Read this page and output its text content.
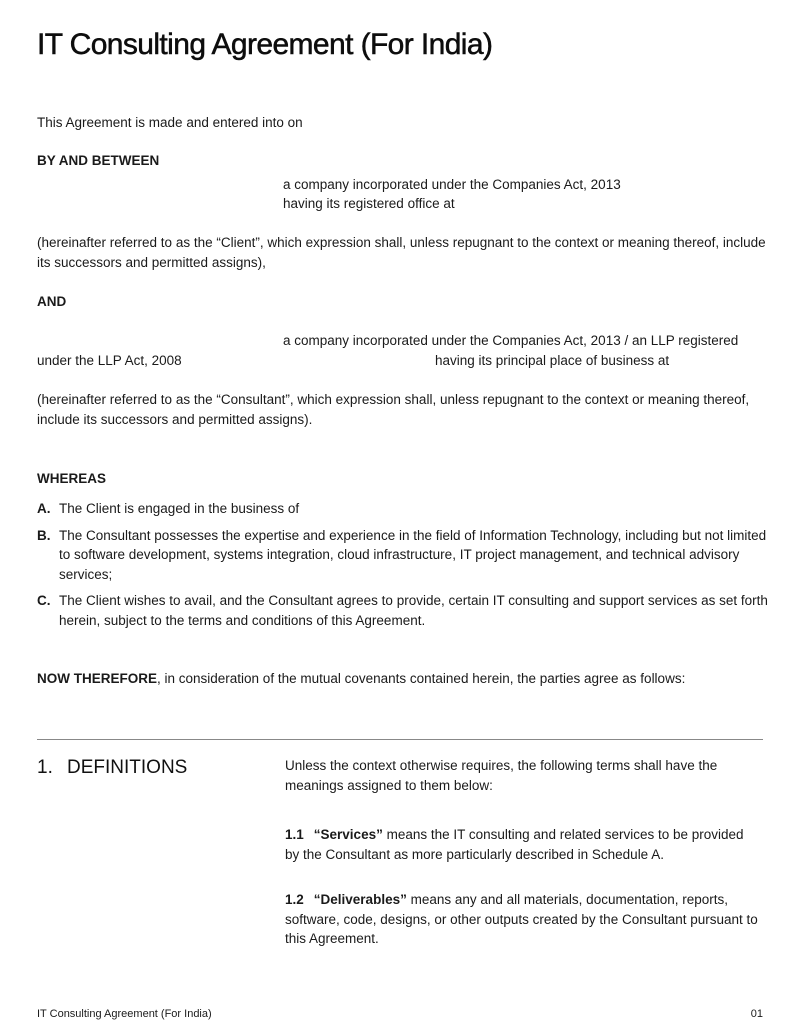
IT Consulting Agreement (For India)

This Agreement is made and entered into on

BY AND BETWEEN

a company incorporated under the Companies Act, 2013

having its registered office at

(hereinafter referred to as the “Client”, which expression shall, unless repugnant to the context or meaning thereof, include its successors and permitted assigns),

AND

a company incorporated under the Companies Act, 2013 / an LLP registered

under the LLP Act, 2008	having its principal place of business at

(hereinafter referred to as the “Consultant”, which expression shall, unless repugnant to the context or meaning thereof, include its successors and permitted assigns).

WHEREAS

A. The Client is engaged in the business of
B. The Consultant possesses the expertise and experience in the field of Information Technology, including but not limited to software development, systems integration, cloud infrastructure, IT project management, and technical advisory services;
C. The Client wishes to avail, and the Consultant agrees to provide, certain IT consulting and support services as set forth herein, subject to the terms and conditions of this Agreement.

NOW THEREFORE, in consideration of the mutual covenants contained herein, the parties agree as follows:

1. DEFINITIONS	Unless the context otherwise requires, the following terms shall have the meanings assigned to them below:

1.1 “Services” means the IT consulting and related services to be provided by the Consultant as more particularly described in Schedule A.

1.2 “Deliverables” means any and all materials, documentation, reports, software, code, designs, or other outputs created by the Consultant pursuant to this Agreement.

IT Consulting Agreement (For India)	01
